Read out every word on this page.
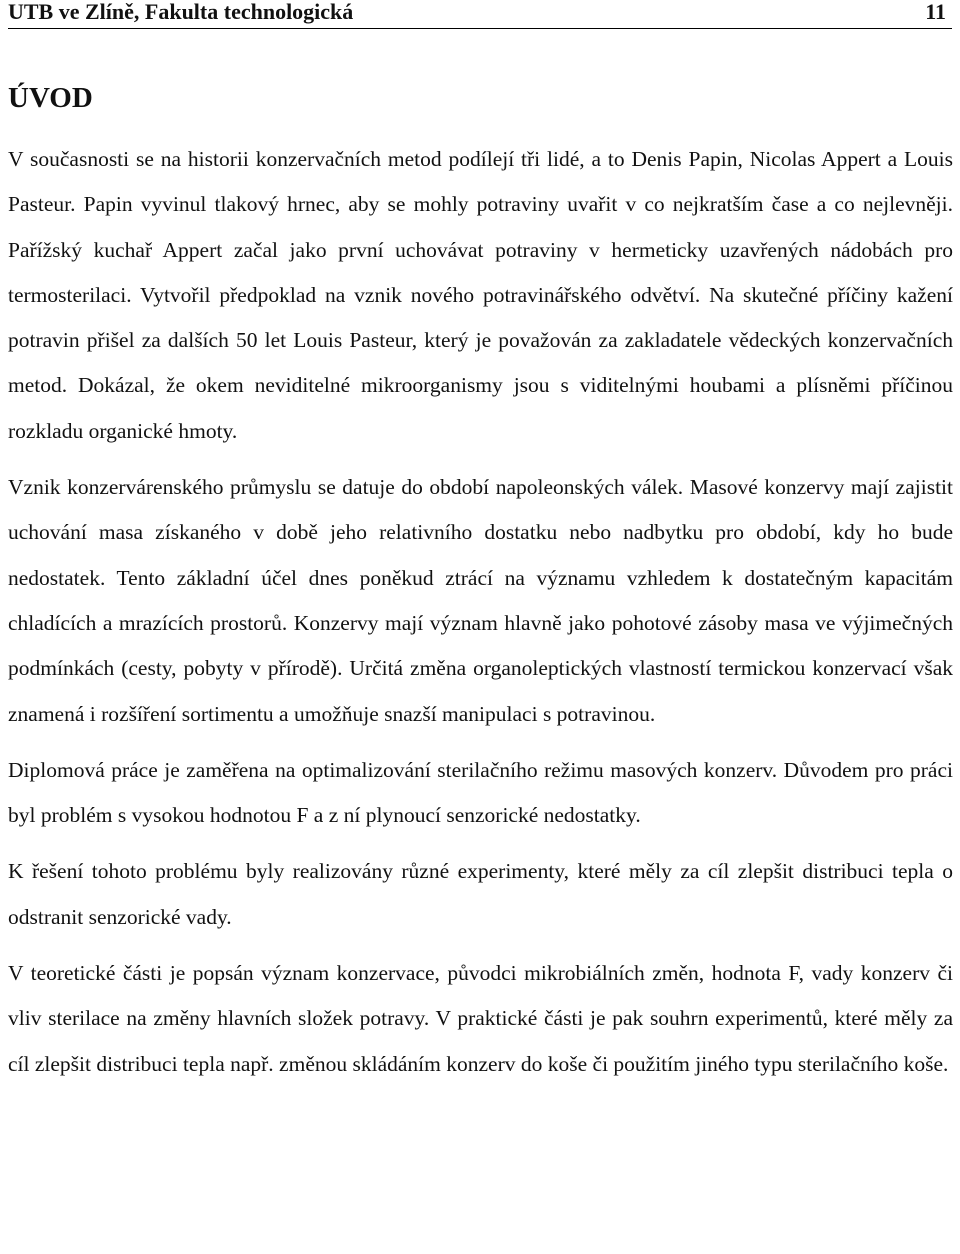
UTB ve Zlíně, Fakulta technologická	11
ÚVOD

V současnosti se na historii konzervačních metod podílejí tři lidé, a to Denis Papin, Nicolas Appert a Louis Pasteur. Papin vyvinul tlakový hrnec, aby se mohly potraviny uvařit v co nejkratším čase a co nejlevněji. Pařížský kuchař Appert začal jako první uchovávat potraviny v hermeticky uzavřených nádobách pro termosterilaci. Vytvořil předpoklad na vznik nového potravinářského odvětví. Na skutečné příčiny kažení potravin přišel za dalších 50 let Louis Pasteur, který je považován za zakladatele vědeckých konzervačních metod. Dokázal, že okem neviditelné mikroorganismy jsou s viditelnými houbami a plísněmi příčinou rozkladu organické hmoty.

Vznik konzervárenského průmyslu se datuje do období napoleonských válek. Masové konzervy mají zajistit uchování masa získaného v době jeho relativního dostatku nebo nadbytku pro období, kdy ho bude nedostatek. Tento základní účel dnes poněkud ztrácí na významu vzhledem k dostatečným kapacitám chladících a mrazících prostorů. Konzervy mají význam hlavně jako pohotové zásoby masa ve výjimečných podmínkách (cesty, pobyty v přírodě). Určitá změna organoleptických vlastností termickou konzervací však znamená i rozšíření sortimentu a umožňuje snazší manipulaci s potravinou.

Diplomová práce je zaměřena na optimalizování sterilačního režimu masových konzerv. Důvodem pro práci byl problém s vysokou hodnotou F a z ní plynoucí senzorické nedostatky.

K řešení tohoto problému byly realizovány různé experimenty, které měly za cíl zlepšit distribuci tepla o odstranit senzorické vady.

V teoretické části je popsán význam konzervace, původci mikrobiálních změn, hodnota F, vady konzerv či vliv sterilace na změny hlavních složek potravy. V praktické části je pak souhrn experimentů, které měly za cíl zlepšit distribuci tepla např. změnou skládáním konzerv do koše či použitím jiného typu sterilačního koše.
